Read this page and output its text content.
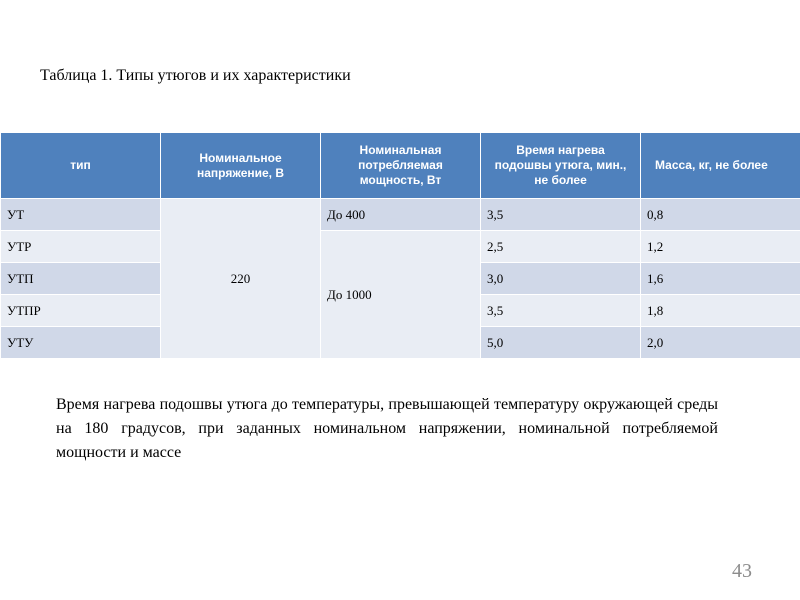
Таблица 1. Типы утюгов и их характеристики
тип	Номинальное напряжение, В	Номинальная потребляемая мощность, Вт	Время нагрева подошвы утюга, мин., не более	Масса, кг, не более
УТ	220	До 400	3,5	0,8
УТР		До 1000	2,5	1,2
УТП			3,0	1,6
УТПР			3,5	1,8
УТУ			5,0	2,0
Время нагрева подошвы утюга до температуры, превышающей температуру окружающей среды на 180 градусов, при заданных номинальном напряжении, номинальной потребляемой мощности и массе
43
